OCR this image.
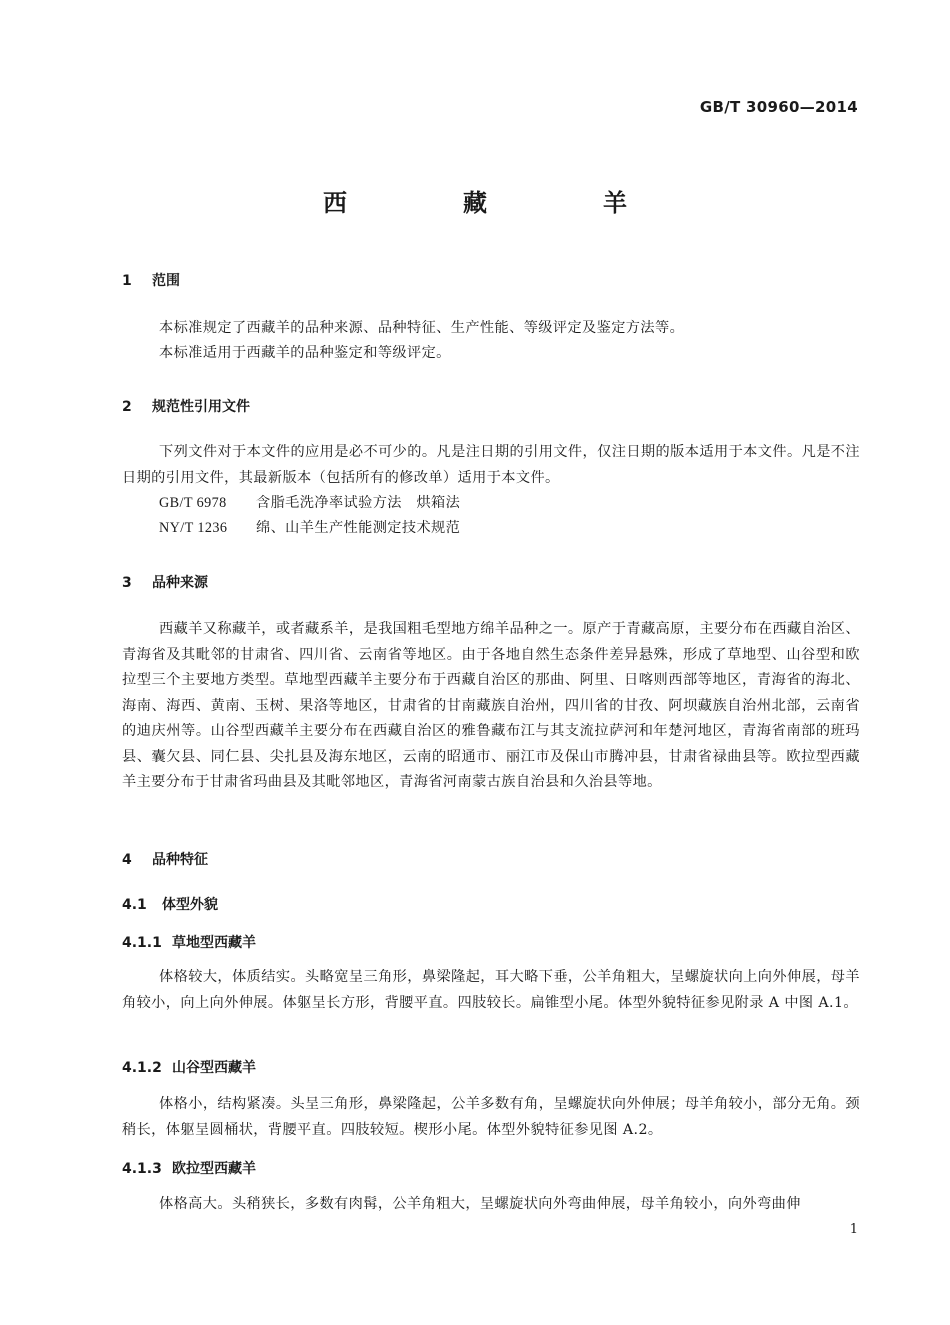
GB/T 30960—2014
西　藏　羊
1 范围
本标准规定了西藏羊的品种来源、品种特征、生产性能、等级评定及鉴定方法等。
本标准适用于西藏羊的品种鉴定和等级评定。
2 规范性引用文件
下列文件对于本文件的应用是必不可少的。凡是注日期的引用文件，仅注日期的版本适用于本文件。凡是不注日期的引用文件，其最新版本（包括所有的修改单）适用于本文件。
GB/T 6978 含脂毛洗净率试验方法　烘箱法
NY/T 1236 绵、山羊生产性能测定技术规范
3 品种来源
西藏羊又称藏羊，或者藏系羊，是我国粗毛型地方绵羊品种之一。原产于青藏高原，主要分布在西藏自治区、青海省及其毗邻的甘肃省、四川省、云南省等地区。由于各地自然生态条件差异悬殊，形成了草地型、山谷型和欧拉型三个主要地方类型。草地型西藏羊主要分布于西藏自治区的那曲、阿里、日喀则西部等地区，青海省的海北、海南、海西、黄南、玉树、果洛等地区，甘肃省的甘南藏族自治州，四川省的甘孜、阿坝藏族自治州北部，云南省的迪庆州等。山谷型西藏羊主要分布在西藏自治区的雅鲁藏布江与其支流拉萨河和年楚河地区，青海省南部的班玛县、囊欠县、同仁县、尖扎县及海东地区，云南的昭通市、丽江市及保山市腾冲县，甘肃省禄曲县等。欧拉型西藏羊主要分布于甘肃省玛曲县及其毗邻地区，青海省河南蒙古族自治县和久治县等地。
4 品种特征
4.1 体型外貌
4.1.1 草地型西藏羊
体格较大，体质结实。头略宽呈三角形，鼻梁隆起，耳大略下垂，公羊角粗大，呈螺旋状向上向外伸展，母羊角较小，向上向外伸展。体躯呈长方形，背腰平直。四肢较长。扁锥型小尾。体型外貌特征参见附录 A 中图 A.1。
4.1.2 山谷型西藏羊
体格小，结构紧凑。头呈三角形，鼻梁隆起，公羊多数有角，呈螺旋状向外伸展；母羊角较小，部分无角。颈稍长，体躯呈圆桶状，背腰平直。四肢较短。楔形小尾。体型外貌特征参见图 A.2。
4.1.3 欧拉型西藏羊
体格高大。头稍狭长，多数有肉髯，公羊角粗大，呈螺旋状向外弯曲伸展，母羊角较小，向外弯曲伸
1
